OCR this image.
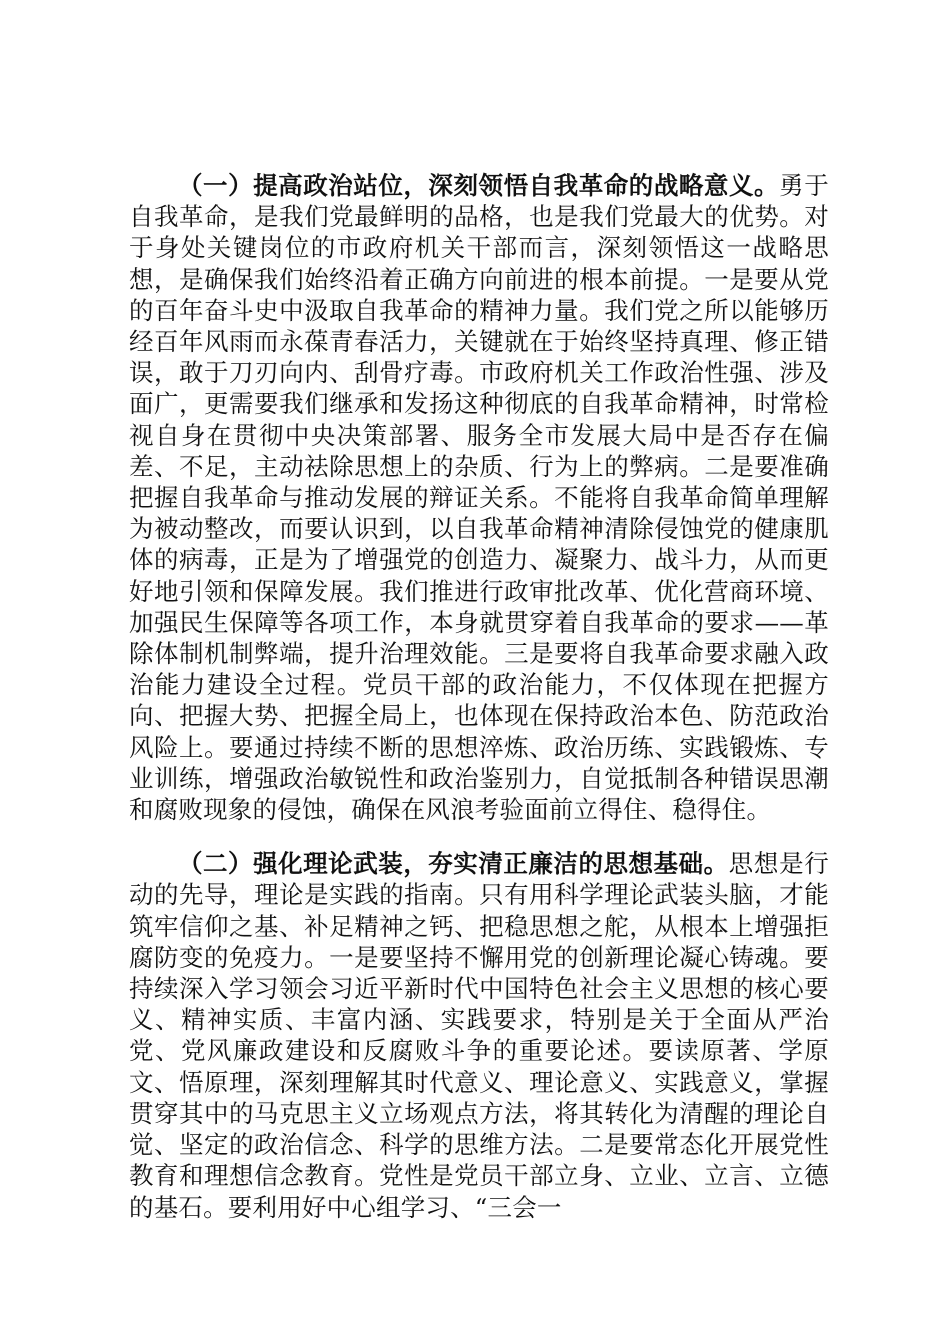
（一）提高政治站位，深刻领悟自我革命的战略意义。勇于自我革命，是我们党最鲜明的品格，也是我们党最大的优势。对于身处关键岗位的市政府机关干部而言，深刻领悟这一战略思想，是确保我们始终沿着正确方向前进的根本前提。一是要从党的百年奋斗史中汲取自我革命的精神力量。我们党之所以能够历经百年风雨而永葆青春活力，关键就在于始终坚持真理、修正错误，敢于刀刃向内、刮骨疗毒。市政府机关工作政治性强、涉及面广，更需要我们继承和发扬这种彻底的自我革命精神，时常检视自身在贯彻中央决策部署、服务全市发展大局中是否存在偏差、不足，主动祛除思想上的杂质、行为上的弊病。二是要准确把握自我革命与推动发展的辩证关系。不能将自我革命简单理解为被动整改，而要认识到，以自我革命精神清除侵蚀党的健康肌体的病毒，正是为了增强党的创造力、凝聚力、战斗力，从而更好地引领和保障发展。我们推进行政审批改革、优化营商环境、加强民生保障等各项工作，本身就贯穿着自我革命的要求——革除体制机制弊端，提升治理效能。三是要将自我革命要求融入政治能力建设全过程。党员干部的政治能力，不仅体现在把握方向、把握大势、把握全局上，也体现在保持政治本色、防范政治风险上。要通过持续不断的思想淬炼、政治历练、实践锻炼、专业训练，增强政治敏锐性和政治鉴别力，自觉抵制各种错误思潮和腐败现象的侵蚀，确保在风浪考验面前立得住、稳得住。

（二）强化理论武装，夯实清正廉洁的思想基础。思想是行动的先导，理论是实践的指南。只有用科学理论武装头脑，才能筑牢信仰之基、补足精神之钙、把稳思想之舵，从根本上增强拒腐防变的免疫力。一是要坚持不懈用党的创新理论凝心铸魂。要持续深入学习领会习近平新时代中国特色社会主义思想的核心要义、精神实质、丰富内涵、实践要求，特别是关于全面从严治党、党风廉政建设和反腐败斗争的重要论述。要读原著、学原文、悟原理，深刻理解其时代意义、理论意义、实践意义，掌握贯穿其中的马克思主义立场观点方法，将其转化为清醒的理论自觉、坚定的政治信念、科学的思维方法。二是要常态化开展党性教育和理想信念教育。党性是党员干部立身、立业、立言、立德的基石。要利用好中心组学习、“三会一
